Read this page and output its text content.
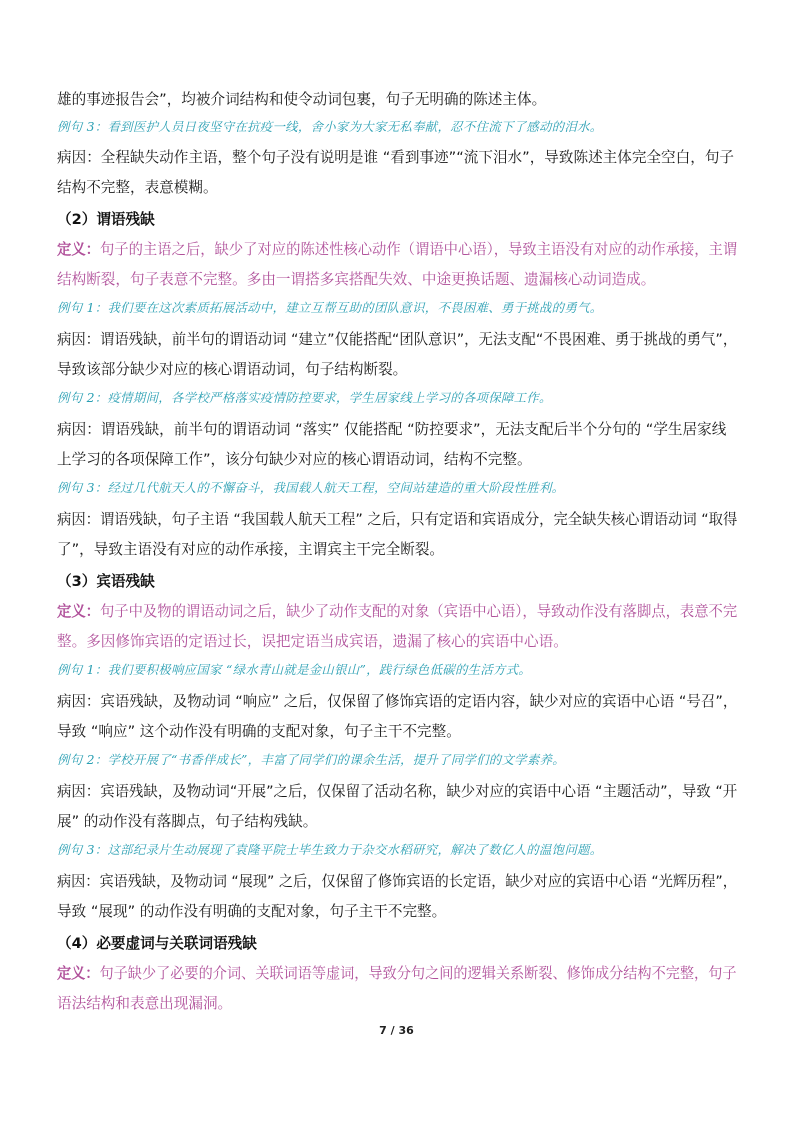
雄的事迹报告会”，均被介词结构和使令动词包裹，句子无明确的陈述主体。
例句 3：看到医护人员日夜坚守在抗疫一线，舍小家为大家无私奉献，忍不住流下了感动的泪水。
病因：全程缺失动作主语，整个句子没有说明是谁 “看到事迹”“流下泪水”，导致陈述主体完全空白，句子
结构不完整，表意模糊。
（2）谓语残缺
定义：句子的主语之后，缺少了对应的陈述性核心动作（谓语中心语），导致主语没有对应的动作承接，主谓
结构断裂，句子表意不完整。多由一谓搭多宾搭配失效、中途更换话题、遗漏核心动词造成。
例句 1：我们要在这次素质拓展活动中，建立互帮互助的团队意识，不畏困难、勇于挑战的勇气。
病因：谓语残缺，前半句的谓语动词 “建立”仅能搭配“团队意识”，无法支配“不畏困难、勇于挑战的勇气”，
导致该部分缺少对应的核心谓语动词，句子结构断裂。
例句 2：疫情期间，各学校严格落实疫情防控要求，学生居家线上学习的各项保障工作。
病因：谓语残缺，前半句的谓语动词 “落实” 仅能搭配 “防控要求”，无法支配后半个分句的 “学生居家线
上学习的各项保障工作”，该分句缺少对应的核心谓语动词，结构不完整。
例句 3：经过几代航天人的不懈奋斗，我国载人航天工程，空间站建造的重大阶段性胜利。
病因：谓语残缺，句子主语 “我国载人航天工程” 之后，只有定语和宾语成分，完全缺失核心谓语动词 “取得
了”，导致主语没有对应的动作承接，主谓宾主干完全断裂。
（3）宾语残缺
定义：句子中及物的谓语动词之后，缺少了动作支配的对象（宾语中心语），导致动作没有落脚点，表意不完
整。多因修饰宾语的定语过长，误把定语当成宾语，遗漏了核心的宾语中心语。
例句 1：我们要积极响应国家 “绿水青山就是金山银山”，践行绿色低碳的生活方式。
病因：宾语残缺，及物动词 “响应” 之后，仅保留了修饰宾语的定语内容，缺少对应的宾语中心语 “号召”，
导致 “响应” 这个动作没有明确的支配对象，句子主干不完整。
例句 2：学校开展了“书香伴成长”，丰富了同学们的课余生活，提升了同学们的文学素养。
病因：宾语残缺，及物动词“开展”之后，仅保留了活动名称，缺少对应的宾语中心语 “主题活动”，导致 “开
展” 的动作没有落脚点，句子结构残缺。
例句 3：这部纪录片生动展现了袁隆平院士毕生致力于杂交水稻研究，解决了数亿人的温饱问题。
病因：宾语残缺，及物动词 “展现” 之后，仅保留了修饰宾语的长定语，缺少对应的宾语中心语 “光辉历程”，
导致 “展现” 的动作没有明确的支配对象，句子主干不完整。
（4）必要虚词与关联词语残缺
定义：句子缺少了必要的介词、关联词语等虚词，导致分句之间的逻辑关系断裂、修饰成分结构不完整，句子
语法结构和表意出现漏洞。
7 / 36
